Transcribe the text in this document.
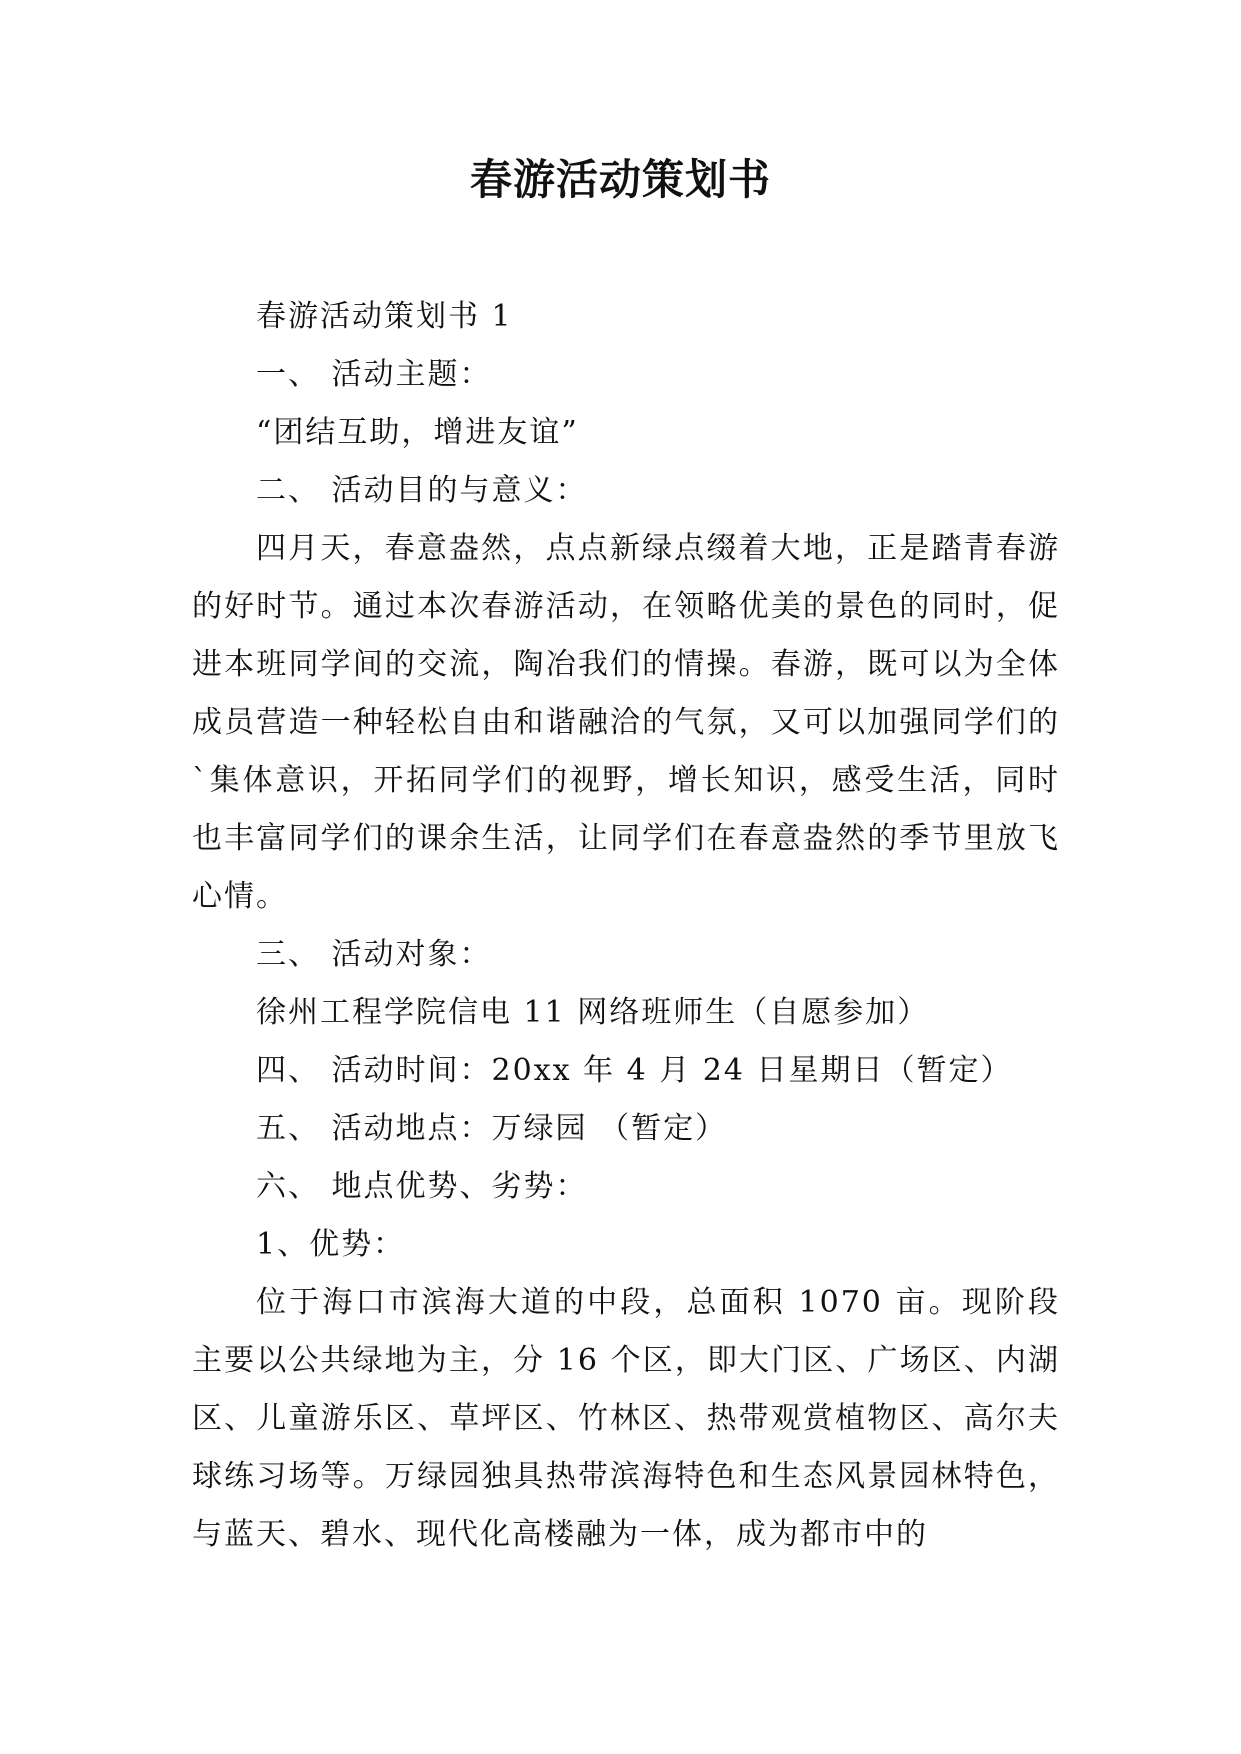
春游活动策划书

春游活动策划书 1

一、 活动主题：

“团结互助，增进友谊”

二、 活动目的与意义：

四月天，春意盎然，点点新绿点缀着大地，正是踏青春游的好时节。通过本次春游活动，在领略优美的景色的同时，促进本班同学间的交流，陶冶我们的情操。春游，既可以为全体成员营造一种轻松自由和谐融洽的气氛，又可以加强同学们的`集体意识，开拓同学们的视野，增长知识，感受生活，同时也丰富同学们的课余生活，让同学们在春意盎然的季节里放飞心情。

三、 活动对象：

徐州工程学院信电 11 网络班师生（自愿参加）

四、 活动时间：20xx 年 4 月 24 日星期日（暂定）

五、 活动地点：万绿园 （暂定）

六、 地点优势、劣势：

1、优势：

位于海口市滨海大道的中段，总面积 1070 亩。现阶段主要以公共绿地为主，分 16 个区，即大门区、广场区、内湖区、儿童游乐区、草坪区、竹林区、热带观赏植物区、高尔夫球练习场等。万绿园独具热带滨海特色和生态风景园林特色，与蓝天、碧水、现代化高楼融为一体，成为都市中的
